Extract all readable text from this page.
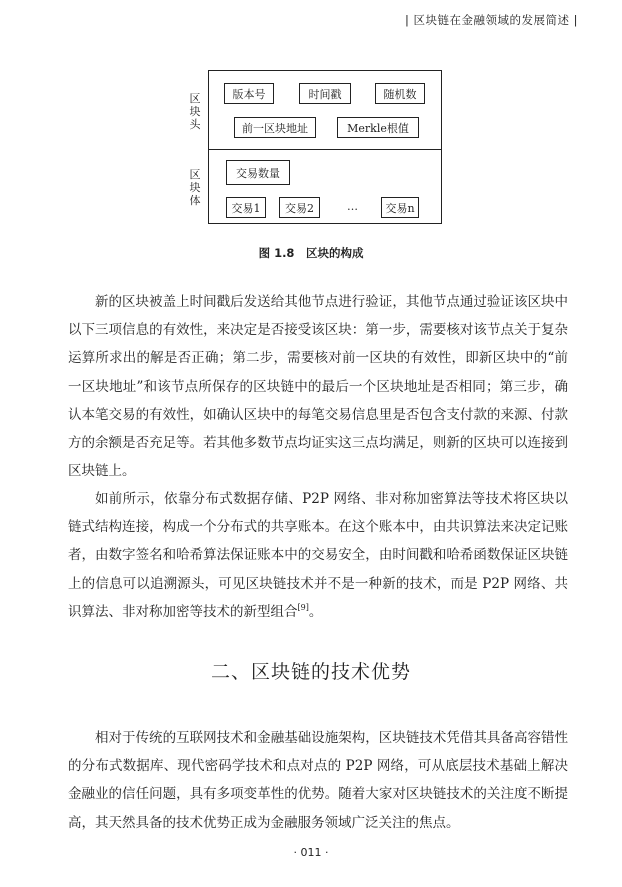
| 区块链在金融领域的发展简述 |
区块头
区块体
版本号	时间戳	随机数
前一区块地址	Merkle根值
交易数量
交易1	交易2	…	交易n
图 1.8　区块的构成

新的区块被盖上时间戳后发送给其他节点进行验证，其他节点通过验证该区块中以下三项信息的有效性，来决定是否接受该区块：第一步，需要核对该节点关于复杂运算所求出的解是否正确；第二步，需要核对前一区块的有效性，即新区块中的“前一区块地址”和该节点所保存的区块链中的最后一个区块地址是否相同；第三步，确认本笔交易的有效性，如确认区块中的每笔交易信息里是否包含支付款的来源、付款方的余额是否充足等。若其他多数节点均证实这三点均满足，则新的区块可以连接到区块链上。

如前所示，依靠分布式数据存储、P2P 网络、非对称加密算法等技术将区块以链式结构连接，构成一个分布式的共享账本。在这个账本中，由共识算法来决定记账者，由数字签名和哈希算法保证账本中的交易安全，由时间戳和哈希函数保证区块链上的信息可以追溯源头，可见区块链技术并不是一种新的技术，而是 P2P 网络、共识算法、非对称加密等技术的新型组合[9]。

二、区块链的技术优势

相对于传统的互联网技术和金融基础设施架构，区块链技术凭借其具备高容错性的分布式数据库、现代密码学技术和点对点的 P2P 网络，可从底层技术基础上解决金融业的信任问题，具有多项变革性的优势。随着大家对区块链技术的关注度不断提高，其天然具备的技术优势正成为金融服务领域广泛关注的焦点。

· 011 ·
